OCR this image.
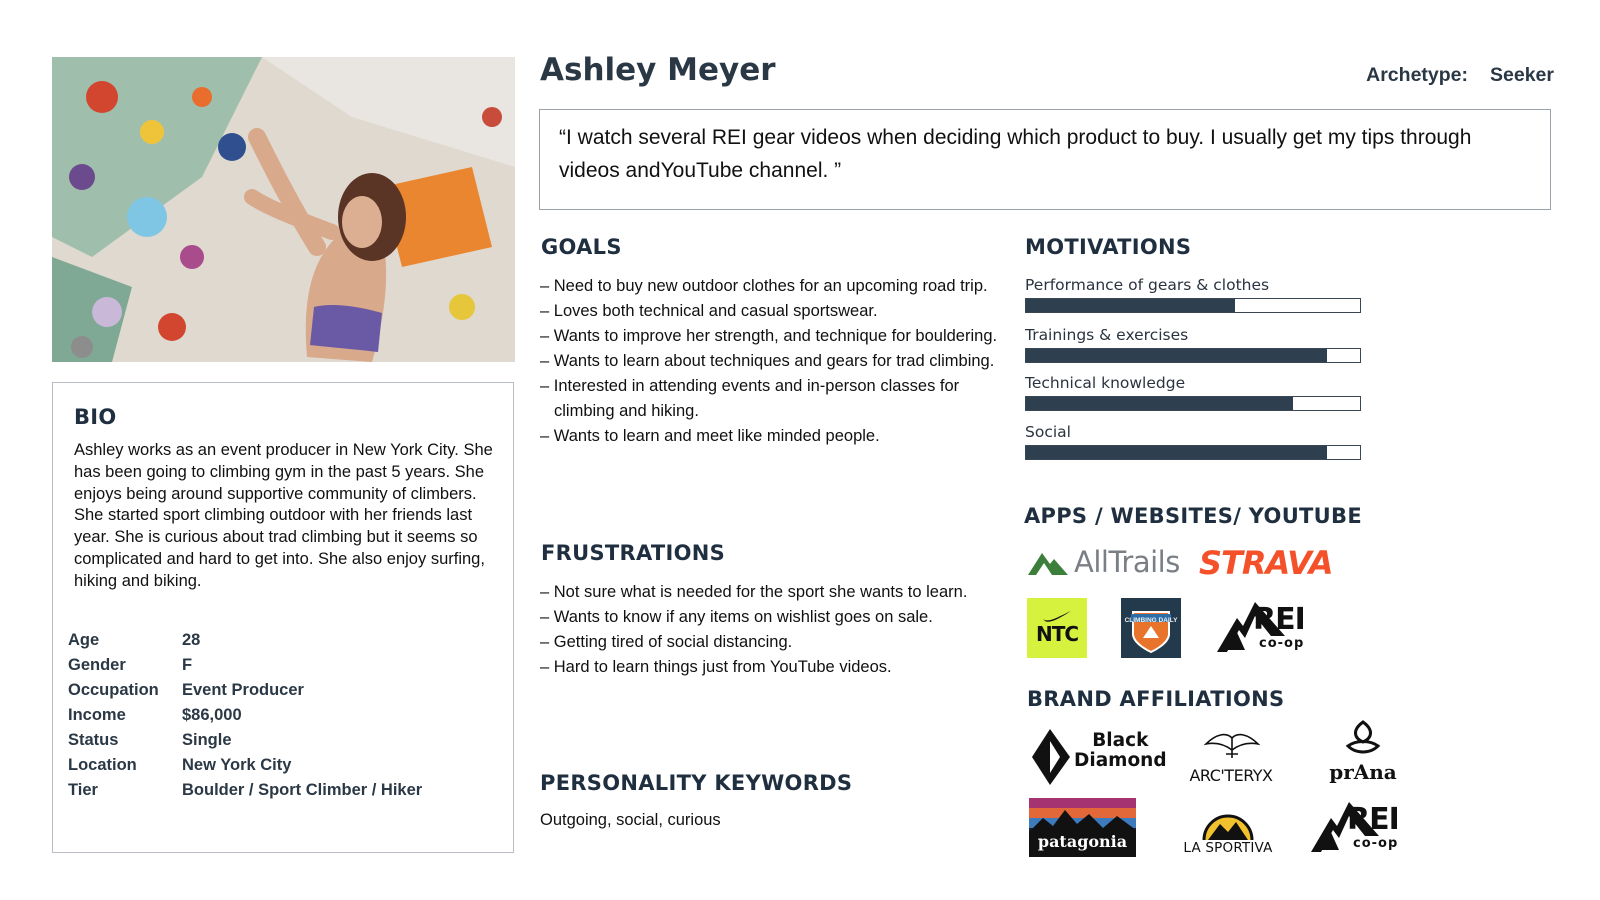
BIO
Ashley works as an event producer in New York City. She has been going to climbing gym in the past 5 years. She enjoys being around supportive community of climbers. She started sport climbing outdoor with her friends last year. She is curious about trad climbing but it seems so complicated and hard to get into. She also enjoy surfing, hiking and biking.
Age	28
Gender	F
Occupation	Event Producer
Income	$86,000
Status	Single
Location	New York City
Tier	Boulder / Sport Climber / Hiker
Ashley Meyer	Archetype: Seeker
“I watch several REI gear videos when deciding which product to buy. I usually get my tips through videos andYouTube channel. ”
GOALS
– Need to buy new outdoor clothes for an upcoming road trip.
– Loves both technical and casual sportswear.
– Wants to improve her strength, and technique for bouldering.
– Wants to learn about techniques and gears for trad climbing.
– Interested in attending events and in-person classes for climbing and hiking.
– Wants to learn and meet like minded people.
FRUSTRATIONS
– Not sure what is needed for the sport she wants to learn.
– Wants to know if any items on wishlist goes on sale.
– Getting tired of social distancing.
– Hard to learn things just from YouTube videos.
PERSONALITY KEYWORDS
Outgoing, social, curious
MOTIVATIONS
Performance of gears & clothes
Trainings & exercises
Technical knowledge
Social
APPS / WEBSITES/ YOUTUBE
AllTrails STRAVA
NTC
CLIMBING DAILY	REI
co-op
BRAND AFFILIATIONS
Black Diamond
ARC'TERYX	prAna
patagonia	LA SPORTIVA
REI
co-op
